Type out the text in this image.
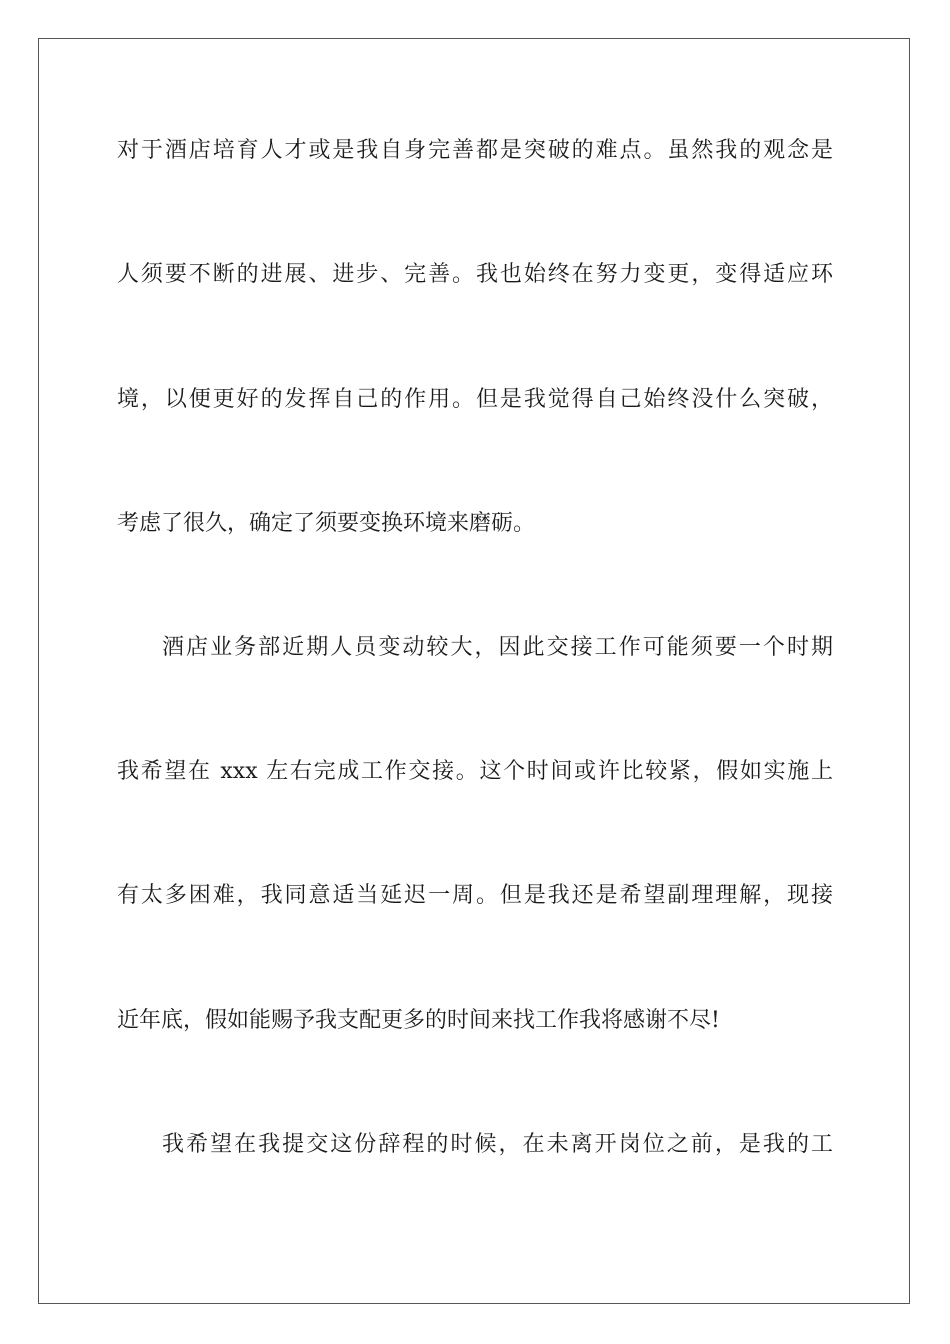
对于酒店培育人才或是我自身完善都是突破的难点。虽然我的观念是
人须要不断的进展、进步、完善。我也始终在努力变更，变得适应环
境，以便更好的发挥自己的作用。但是我觉得自己始终没什么突破，
考虑了很久，确定了须要变换环境来磨砺。
酒店业务部近期人员变动较大，因此交接工作可能须要一个时期
我希望在 xxx 左右完成工作交接。这个时间或许比较紧，假如实施上
有太多困难，我同意适当延迟一周。但是我还是希望副理理解，现接
近年底，假如能赐予我支配更多的时间来找工作我将感谢不尽!
我希望在我提交这份辞程的时候，在未离开岗位之前，是我的工
